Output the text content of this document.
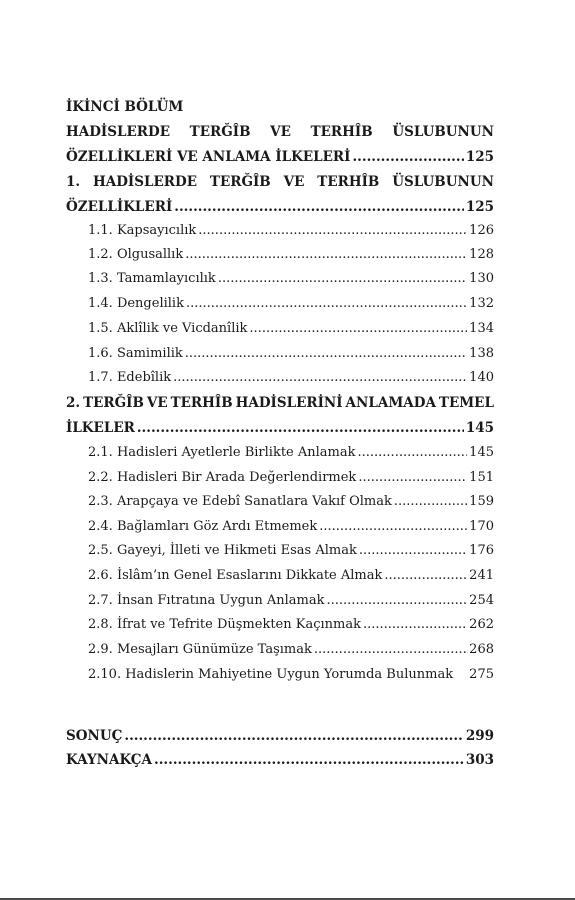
İKİNCİ BÖLÜM
HADİSLERDE TERĞÎB VE TERHÎB ÜSLUBUNUN
ÖZELLİKLERİ VE ANLAMA İLKELERİ .....	125
1. HADİSLERDE TERĞÎB VE TERHÎB ÜSLUBUNUN
ÖZELLİKLERİ .....	125
1.1. Kapsayıcılık .....	126
1.2. Olgusallık .....	128
1.3. Tamamlayıcılık .....	130
1.4. Dengelilik .....	132
1.5. Aklîlik ve Vicdanîlik .....	134
1.6. Samimilik .....	138
1.7. Edebîlik .....	140
2. TERĞÎB VE TERHÎB HADİSLERİNİ ANLAMADA TEMEL
İLKELER .....	145
2.1. Hadisleri Ayetlerle Birlikte Anlamak .....	145
2.2. Hadisleri Bir Arada Değerlendirmek .....	151
2.3. Arapçaya ve Edebî Sanatlara Vakıf Olmak .....	159
2.4. Bağlamları Göz Ardı Etmemek .....	170
2.5. Gayeyi, İlleti ve Hikmeti Esas Almak .....	176
2.6. İslâm’ın Genel Esaslarını Dikkate Almak .....	241
2.7. İnsan Fıtratına Uygun Anlamak .....	254
2.8. İfrat ve Tefrite Düşmekten Kaçınmak .....	262
2.9. Mesajları Günümüze Taşımak .....	268
2.10. Hadislerin Mahiyetine Uygun Yorumda Bulunmak 275
SONUÇ .....	299
KAYNAKÇA .....	303
